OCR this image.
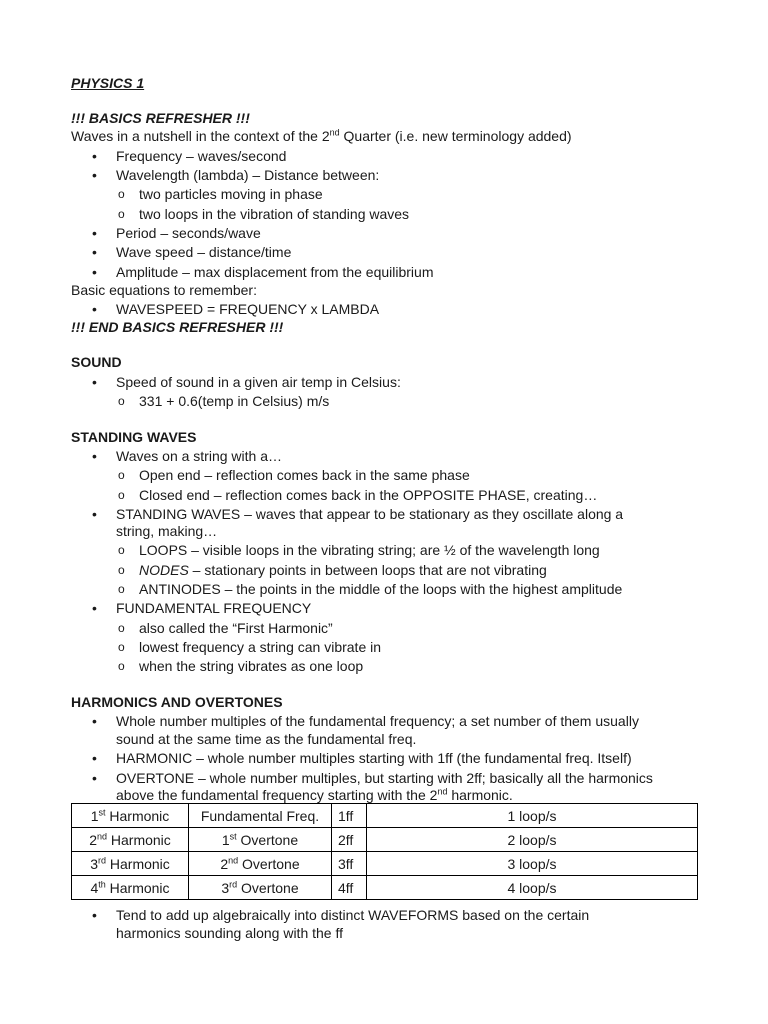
PHYSICS 1
!!! BASICS REFRESHER !!!
Waves in a nutshell in the context of the 2nd Quarter (i.e. new terminology added)
•	Frequency – waves/second
•	Wavelength (lambda) – Distance between:
o	two particles moving in phase
o	two loops in the vibration of standing waves
•	Period – seconds/wave
•	Wave speed – distance/time
•	Amplitude – max displacement from the equilibrium
Basic equations to remember:
•	WAVESPEED = FREQUENCY x LAMBDA
!!! END BASICS REFRESHER !!!
SOUND
•	Speed of sound in a given air temp in Celsius:
o	331 + 0.6(temp in Celsius) m/s
STANDING WAVES
•	Waves on a string with a…
o	Open end – reflection comes back in the same phase
o	Closed end – reflection comes back in the OPPOSITE PHASE, creating…
•	STANDING WAVES – waves that appear to be stationary as they oscillate along a
string, making…
o	LOOPS – visible loops in the vibrating string; are ½ of the wavelength long
o	NODES – stationary points in between loops that are not vibrating
o	ANTINODES – the points in the middle of the loops with the highest amplitude
•	FUNDAMENTAL FREQUENCY
o	also called the “First Harmonic”
o	lowest frequency a string can vibrate in
o	when the string vibrates as one loop
HARMONICS AND OVERTONES
•	Whole number multiples of the fundamental frequency; a set number of them usually
sound at the same time as the fundamental freq.
•	HARMONIC – whole number multiples starting with 1ff (the fundamental freq. Itself)
•	OVERTONE – whole number multiples, but starting with 2ff; basically all the harmonics
above the fundamental frequency starting with the 2nd harmonic.
1st Harmonic	Fundamental Freq.	1ff	1 loop/s
2nd Harmonic	1st Overtone	2ff	2 loop/s
3rd Harmonic	2nd Overtone	3ff	3 loop/s
4th Harmonic	3rd Overtone	4ff	4 loop/s
•	Tend to add up algebraically into distinct WAVEFORMS based on the certain
harmonics sounding along with the ff
